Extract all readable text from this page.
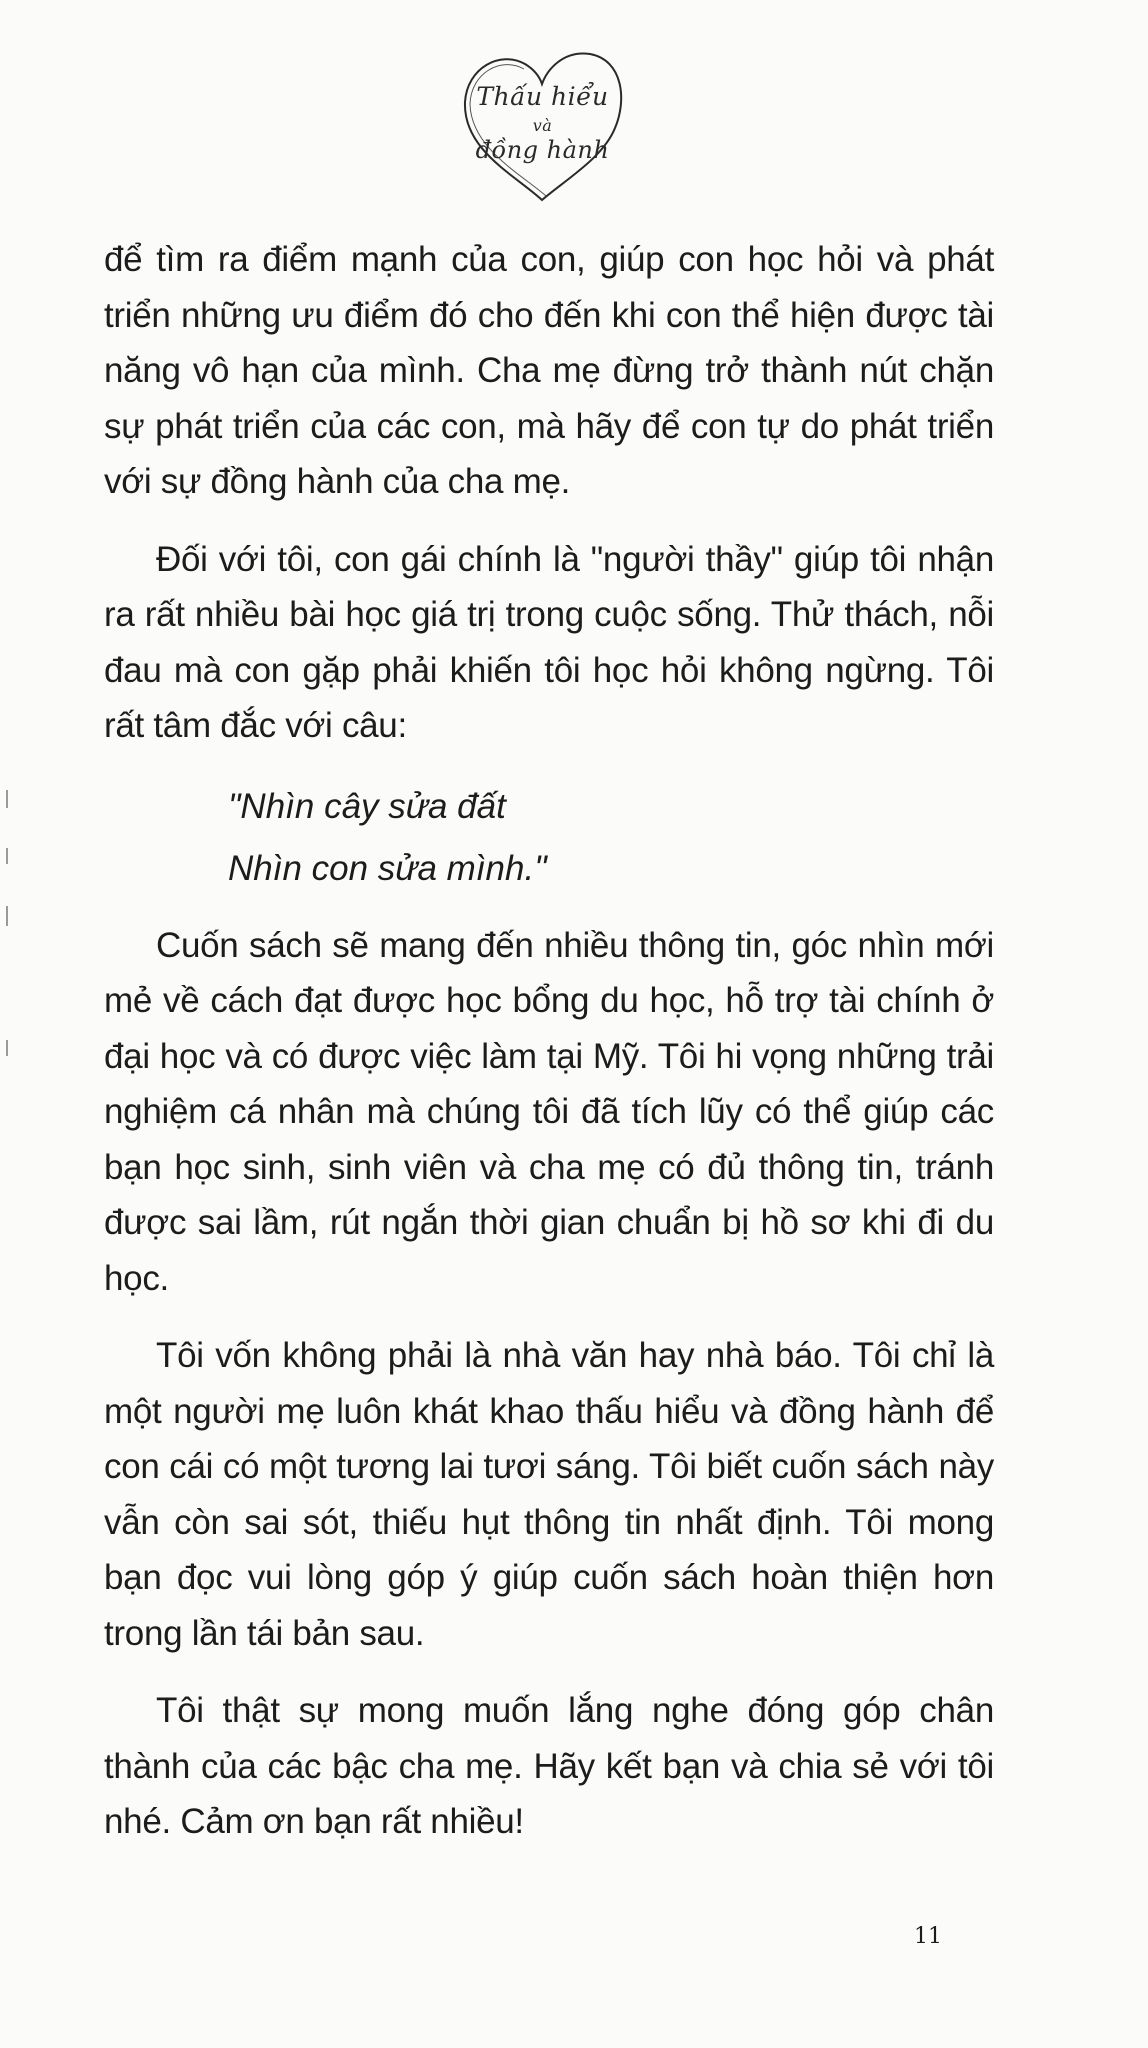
Thấu hiểu
và
đồng hành

để tìm ra điểm mạnh của con, giúp con học hỏi và phát triển những ưu điểm đó cho đến khi con thể hiện được tài năng vô hạn của mình. Cha mẹ đừng trở thành nút chặn sự phát triển của các con, mà hãy để con tự do phát triển với sự đồng hành của cha mẹ.

Đối với tôi, con gái chính là "người thầy" giúp tôi nhận ra rất nhiều bài học giá trị trong cuộc sống. Thử thách, nỗi đau mà con gặp phải khiến tôi học hỏi không ngừng. Tôi rất tâm đắc với câu:

"Nhìn cây sửa đất
Nhìn con sửa mình."

Cuốn sách sẽ mang đến nhiều thông tin, góc nhìn mới mẻ về cách đạt được học bổng du học, hỗ trợ tài chính ở đại học và có được việc làm tại Mỹ. Tôi hi vọng những trải nghiệm cá nhân mà chúng tôi đã tích lũy có thể giúp các bạn học sinh, sinh viên và cha mẹ có đủ thông tin, tránh được sai lầm, rút ngắn thời gian chuẩn bị hồ sơ khi đi du học.

Tôi vốn không phải là nhà văn hay nhà báo. Tôi chỉ là một người mẹ luôn khát khao thấu hiểu và đồng hành để con cái có một tương lai tươi sáng. Tôi biết cuốn sách này vẫn còn sai sót, thiếu hụt thông tin nhất định. Tôi mong bạn đọc vui lòng góp ý giúp cuốn sách hoàn thiện hơn trong lần tái bản sau.

Tôi thật sự mong muốn lắng nghe đóng góp chân thành của các bậc cha mẹ. Hãy kết bạn và chia sẻ với tôi nhé. Cảm ơn bạn rất nhiều!

11
